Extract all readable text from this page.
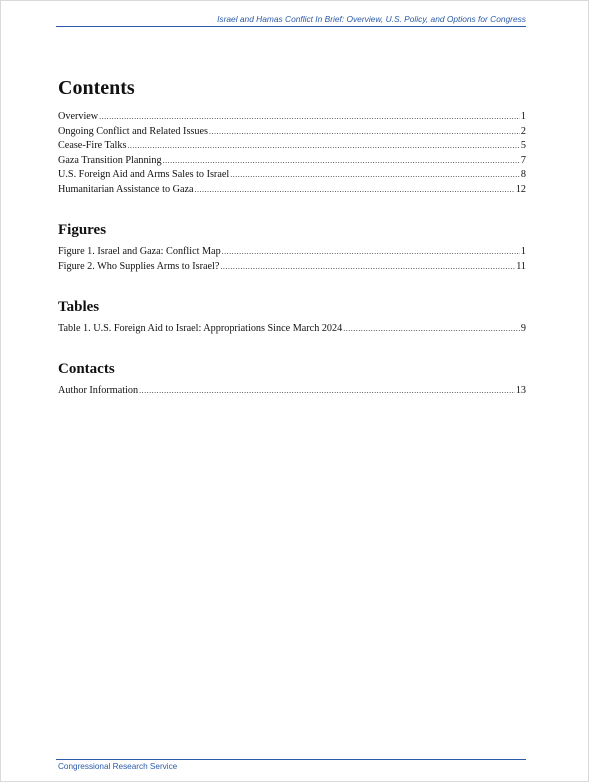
Israel and Hamas Conflict In Brief: Overview, U.S. Policy, and Options for Congress
Contents
Overview .....	1
Ongoing Conflict and Related Issues .....	2
Cease-Fire Talks .....	5
Gaza Transition Planning .....	7
U.S. Foreign Aid and Arms Sales to Israel .....	8
Humanitarian Assistance to Gaza .....	12
Figures
Figure 1. Israel and Gaza: Conflict Map .....	1
Figure 2. Who Supplies Arms to Israel? .....	11
Tables
Table 1. U.S. Foreign Aid to Israel: Appropriations Since March 2024 .....	9
Contacts
Author Information .....	13
Congressional Research Service
